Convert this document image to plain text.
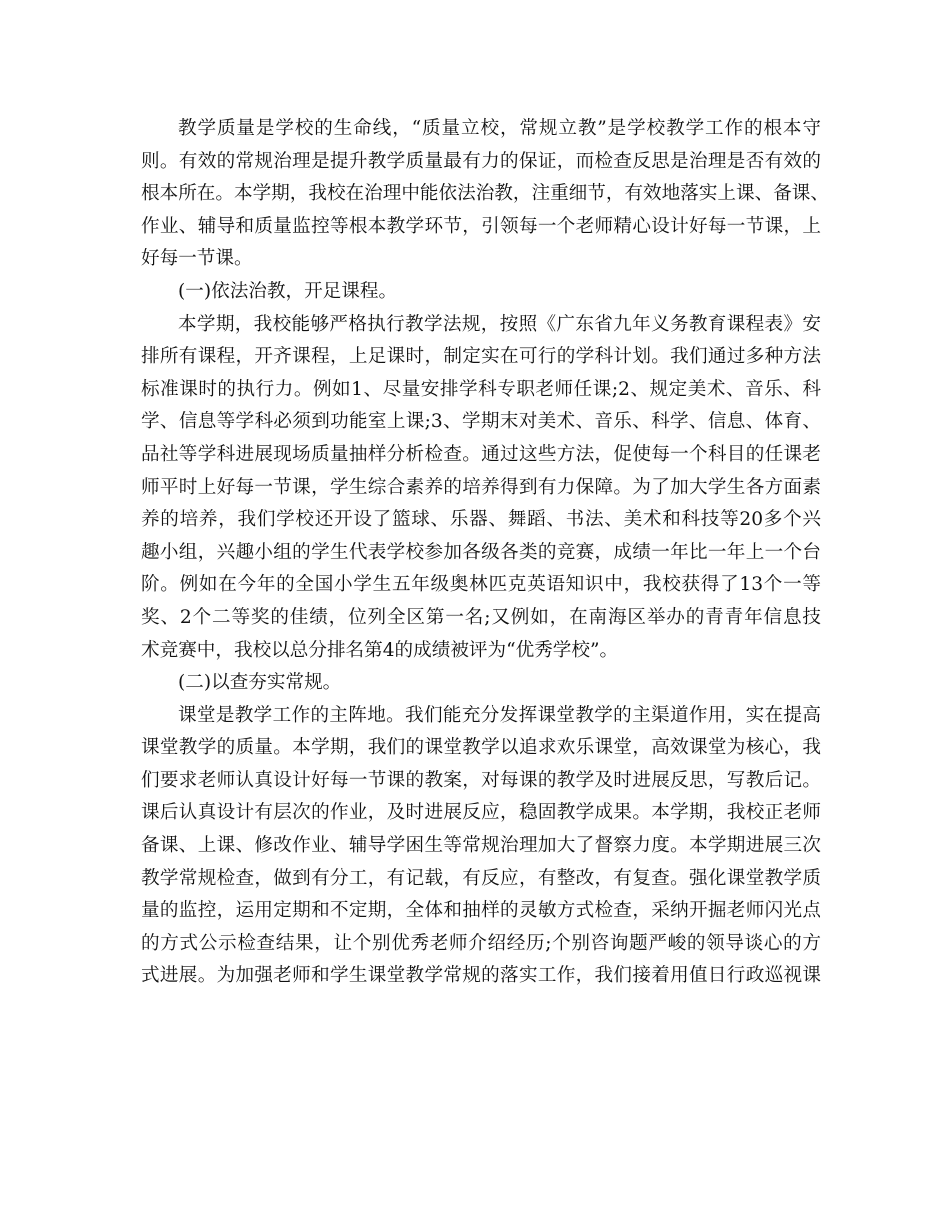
教学质量是学校的生命线，“质量立校，常规立教”是学校教学工作的根本守
则。有效的常规治理是提升教学质量最有力的保证，而检查反思是治理是否有效的
根本所在。本学期，我校在治理中能依法治教，注重细节，有效地落实上课、备课、
作业、辅导和质量监控等根本教学环节，引领每一个老师精心设计好每一节课，上
好每一节课。
(一)依法治教，开足课程。
本学期，我校能够严格执行教学法规，按照《广东省九年义务教育课程表》安
排所有课程，开齐课程，上足课时，制定实在可行的学科计划。我们通过多种方法
标准课时的执行力。例如1、尽量安排学科专职老师任课;2、规定美术、音乐、科
学、信息等学科必须到功能室上课;3、学期末对美术、音乐、科学、信息、体育、
品社等学科进展现场质量抽样分析检查。通过这些方法，促使每一个科目的任课老
师平时上好每一节课，学生综合素养的培养得到有力保障。为了加大学生各方面素
养的培养，我们学校还开设了篮球、乐器、舞蹈、书法、美术和科技等20多个兴
趣小组，兴趣小组的学生代表学校参加各级各类的竞赛，成绩一年比一年上一个台
阶。例如在今年的全国小学生五年级奥林匹克英语知识中，我校获得了13个一等
奖、2个二等奖的佳绩，位列全区第一名;又例如，在南海区举办的青青年信息技
术竞赛中，我校以总分排名第4的成绩被评为“优秀学校”。
(二)以查夯实常规。
课堂是教学工作的主阵地。我们能充分发挥课堂教学的主渠道作用，实在提高
课堂教学的质量。本学期，我们的课堂教学以追求欢乐课堂，高效课堂为核心，我
们要求老师认真设计好每一节课的教案，对每课的教学及时进展反思，写教后记。
课后认真设计有层次的作业，及时进展反应，稳固教学成果。本学期，我校正老师
备课、上课、修改作业、辅导学困生等常规治理加大了督察力度。本学期进展三次
教学常规检查，做到有分工，有记载，有反应，有整改，有复查。强化课堂教学质
量的监控，运用定期和不定期，全体和抽样的灵敏方式检查，采纳开掘老师闪光点
的方式公示检查结果，让个别优秀老师介绍经历;个别咨询题严峻的领导谈心的方
式进展。为加强老师和学生课堂教学常规的落实工作，我们接着用值日行政巡视课
